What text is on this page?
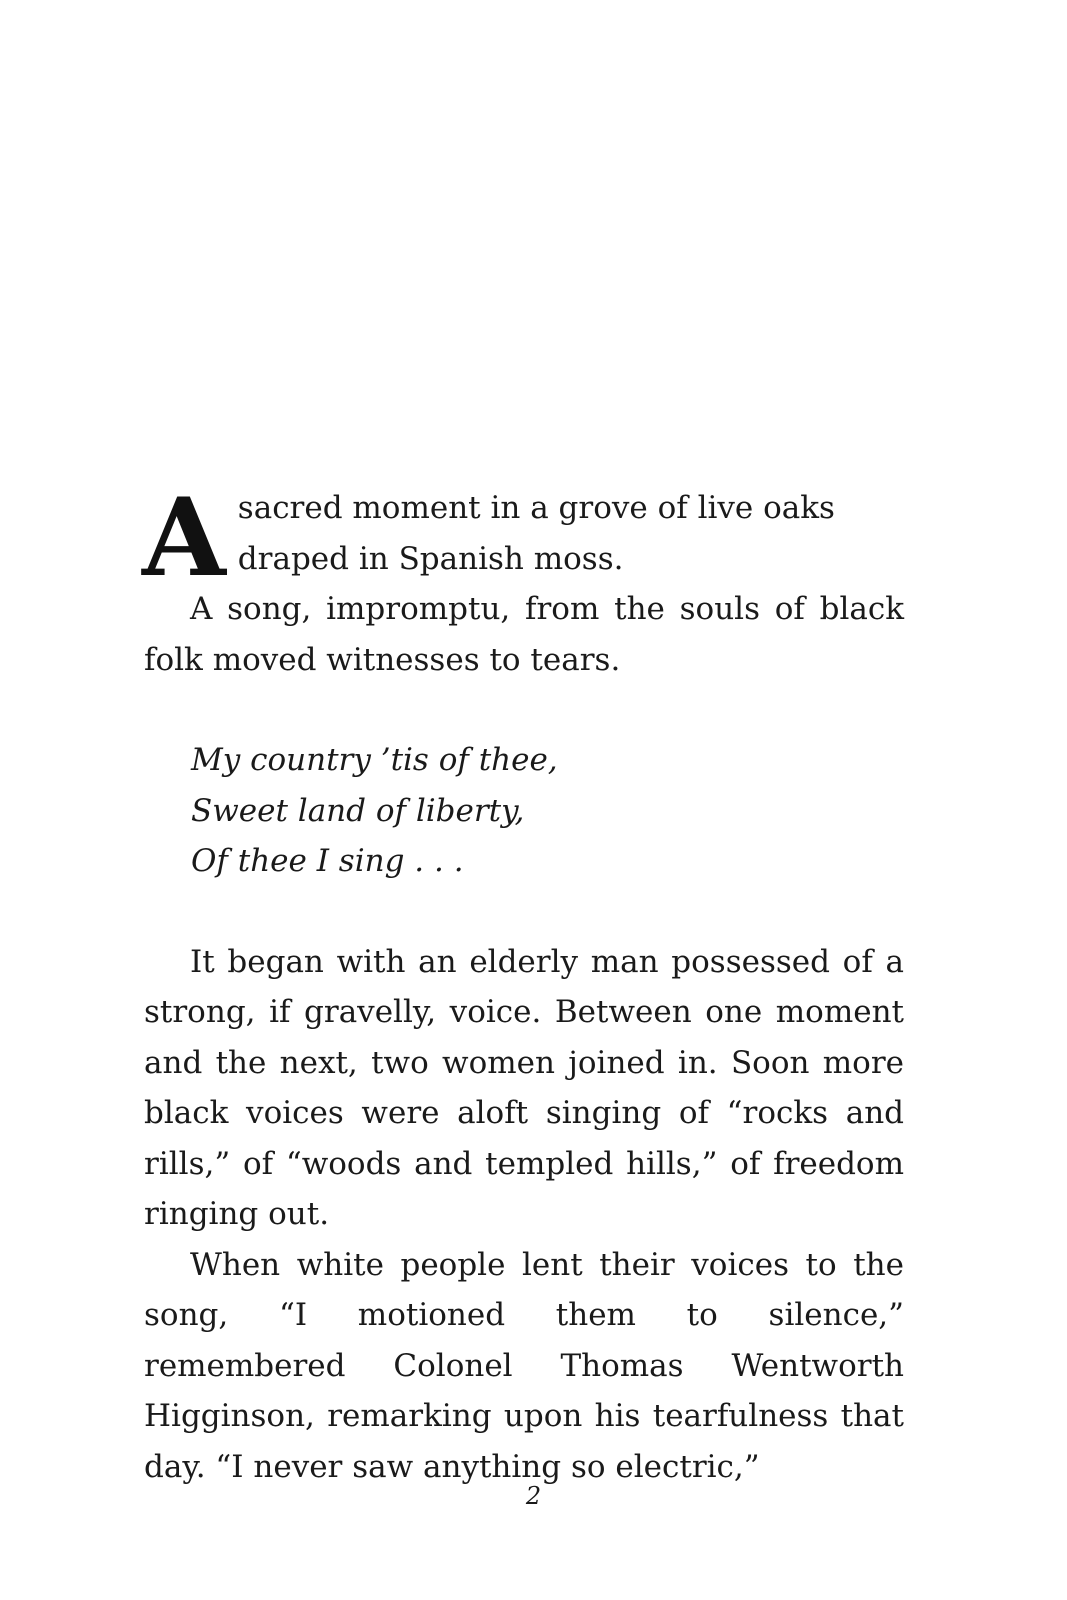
A sacred moment in a grove of live oaks draped in Spanish moss.

A song, impromptu, from the souls of black folk moved witnesses to tears.

My country ’tis of thee,
Sweet land of liberty,
Of thee I sing . . .

It began with an elderly man possessed of a strong, if gravelly, voice. Between one moment and the next, two women joined in. Soon more black voices were aloft singing of “rocks and rills,” of “woods and templed hills,” of freedom ringing out.

When white people lent their voices to the song, “I motioned them to silence,” remembered Colonel Thomas Wentworth Higginson, remarking upon his tearfulness that day. “I never saw anything so electric,”

2
